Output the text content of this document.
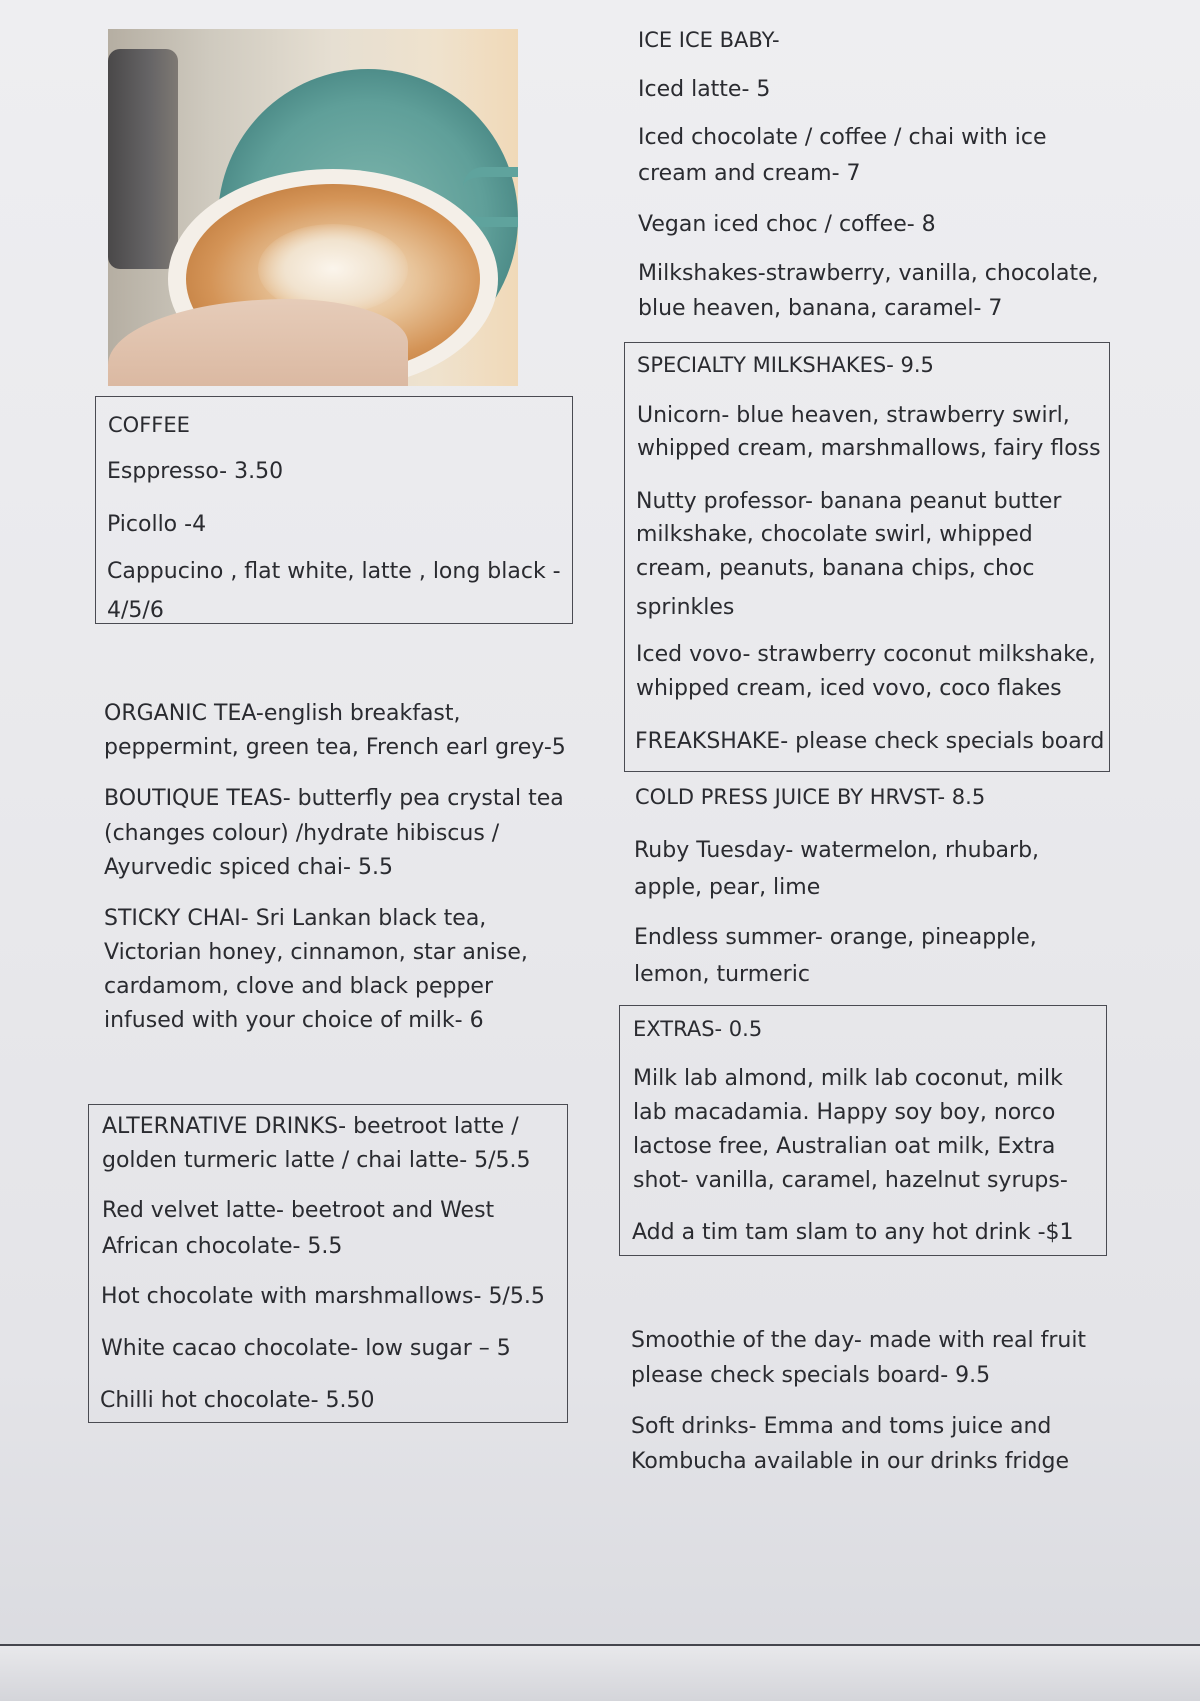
COFFEE
Esppresso- 3.50
Picollo -4
Cappucino , flat white, latte , long black -
4/5/6
ORGANIC TEA-english breakfast,
peppermint, green tea, French earl grey-5
BOUTIQUE TEAS- butterfly pea crystal tea
(changes colour) /hydrate hibiscus /
Ayurvedic spiced chai- 5.5
STICKY CHAI- Sri Lankan black tea,
Victorian honey, cinnamon, star anise,
cardamom, clove and black pepper
infused with your choice of milk- 6
ALTERNATIVE DRINKS- beetroot latte /
golden turmeric latte / chai latte- 5/5.5
Red velvet latte- beetroot and West
African chocolate- 5.5
Hot chocolate with marshmallows- 5/5.5
White cacao chocolate- low sugar – 5
Chilli hot chocolate- 5.50
ICE ICE BABY-
Iced latte- 5
Iced chocolate / coffee / chai with ice
cream and cream- 7
Vegan iced choc / coffee- 8
Milkshakes-strawberry, vanilla, chocolate,
blue heaven, banana, caramel- 7
SPECIALTY MILKSHAKES- 9.5
Unicorn- blue heaven, strawberry swirl,
whipped cream, marshmallows, fairy floss
Nutty professor- banana peanut butter
milkshake, chocolate swirl, whipped
cream, peanuts, banana chips, choc
sprinkles
Iced vovo- strawberry coconut milkshake,
whipped cream, iced vovo, coco flakes
FREAKSHAKE- please check specials board
COLD PRESS JUICE BY HRVST- 8.5
Ruby Tuesday- watermelon, rhubarb,
apple, pear, lime
Endless summer- orange, pineapple,
lemon, turmeric
EXTRAS- 0.5
Milk lab almond, milk lab coconut, milk
lab macadamia. Happy soy boy, norco
lactose free, Australian oat milk, Extra
shot- vanilla, caramel, hazelnut syrups-
Add a tim tam slam to any hot drink -$1
Smoothie of the day- made with real fruit
please check specials board- 9.5
Soft drinks- Emma and toms juice and
Kombucha available in our drinks fridge
